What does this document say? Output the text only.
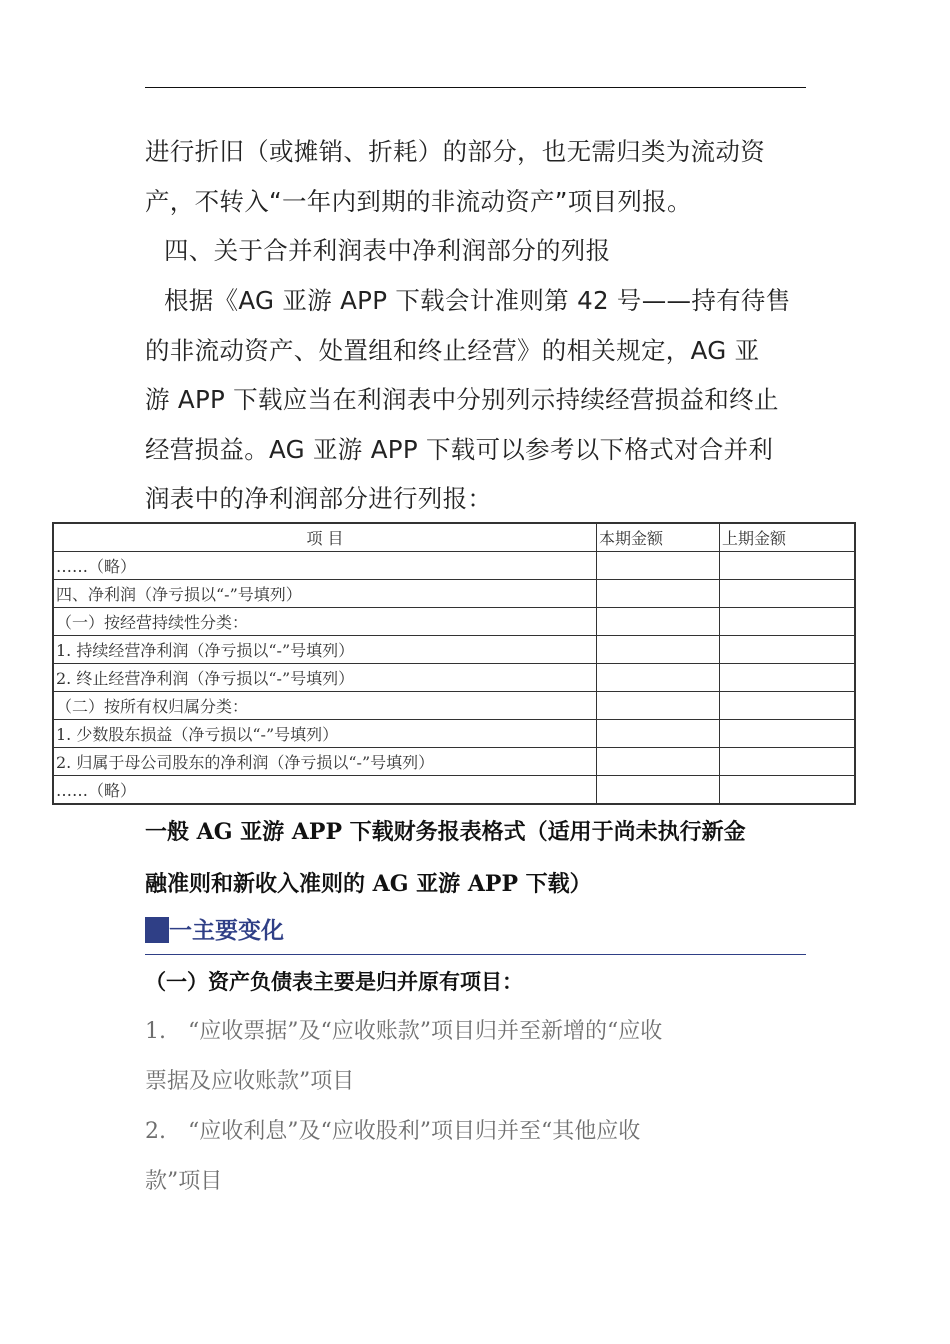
进行折旧（或摊销、折耗）的部分，也无需归类为流动资
产，不转入“一年内到期的非流动资产”项目列报。
四、关于合并利润表中净利润部分的列报
根据《AG 亚游 APP 下载会计准则第 42 号——持有待售
的非流动资产、处置组和终止经营》的相关规定，AG 亚
游 APP 下载应当在利润表中分别列示持续经营损益和终止
经营损益。AG 亚游 APP 下载可以参考以下格式对合并利
润表中的净利润部分进行列报：
项 目	本期金额	上期金额
……（略）		
四、净利润（净亏损以“-”号填列）		
（一）按经营持续性分类：		
1. 持续经营净利润（净亏损以“-”号填列）		
2. 终止经营净利润（净亏损以“-”号填列）		
（二）按所有权归属分类：		
1. 少数股东损益（净亏损以“-”号填列）		
2. 归属于母公司股东的净利润（净亏损以“-”号填列）		
……（略）		
一般 AG 亚游 APP 下载财务报表格式（适用于尚未执行新金
融准则和新收入准则的 AG 亚游 APP 下载）
一主要变化
（一）资产负债表主要是归并原有项目：
1.　“应收票据”及“应收账款”项目归并至新增的“应收
票据及应收账款”项目
2.　“应收利息”及“应收股利”项目归并至“其他应收
款”项目
